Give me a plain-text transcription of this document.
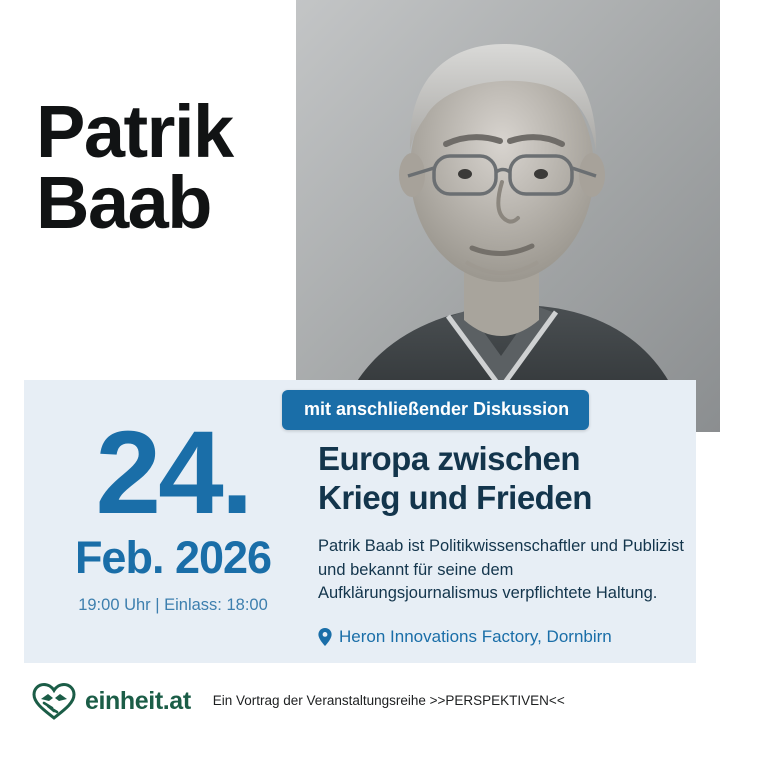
Patrik
Baab
24.
Feb. 2026
19:00 Uhr | Einlass: 18:00
Europa zwischen
Krieg und Frieden
Patrik Baab ist Politikwissenschaftler und Publizist und bekannt für seine dem Aufklärungsjournalismus verpflichtete Haltung.
Heron Innovations Factory, Dornbirn
mit anschließender Diskussion
einheit.at Ein Vortrag der Veranstaltungsreihe >>PERSPEKTIVEN<<
